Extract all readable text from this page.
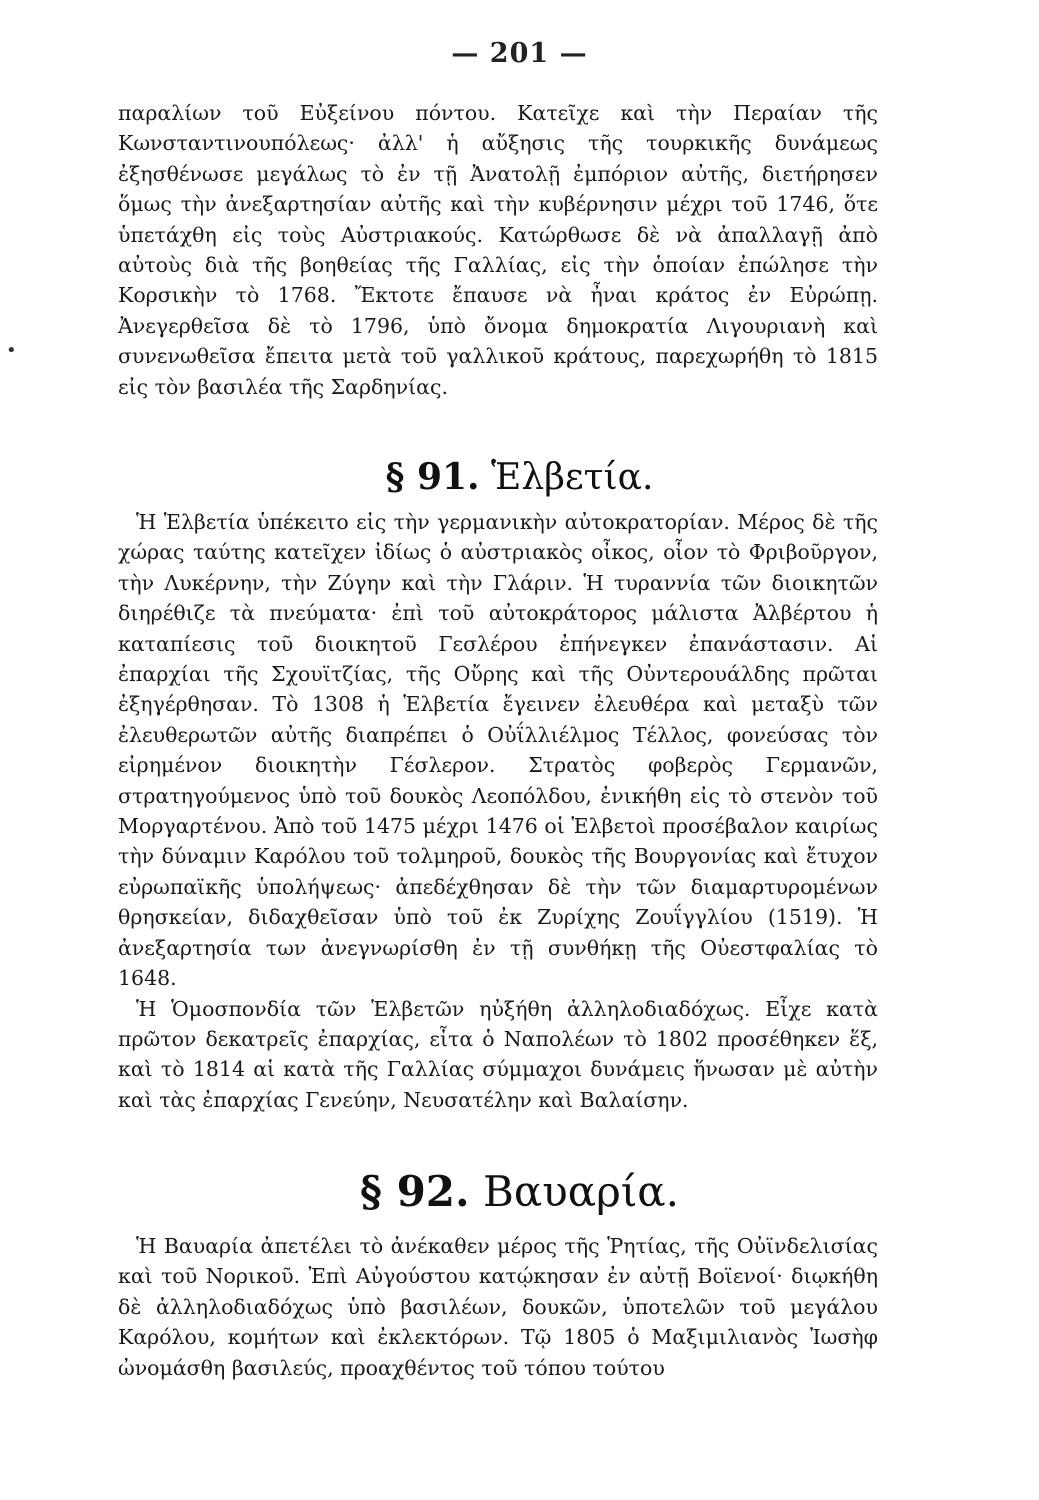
— 201 —
•

παραλίων τοῦ Εὐξείνου πόντου. Κατεῖχε καὶ τὴν Περαίαν τῆς Κωνσταντινουπόλεως· ἀλλ' ἡ αὔξησις τῆς τουρκικῆς δυνάμεως ἐξησθένωσε μεγάλως τὸ ἐν τῇ Ἀνατολῇ ἐμπόριον αὐτῆς, διετήρησεν ὅμως τὴν ἀνεξαρτησίαν αὐτῆς καὶ τὴν κυβέρνησιν μέχρι τοῦ 1746, ὅτε ὑπετάχθη εἰς τοὺς Αὐστριακούς. Κατώρθωσε δὲ νὰ ἀπαλλαγῇ ἀπὸ αὐτοὺς διὰ τῆς βοηθείας τῆς Γαλλίας, εἰς τὴν ὁποίαν ἐπώλησε τὴν Κορσικὴν τὸ 1768. Ἔκτοτε ἔπαυσε νὰ ἦναι κράτος ἐν Εὐρώπῃ. Ἀνεγερθεῖσα δὲ τὸ 1796, ὑπὸ ὄνομα δημοκρατία Λιγουριανὴ καὶ συνενωθεῖσα ἔπειτα μετὰ τοῦ γαλλικοῦ κράτους, παρεχωρήθη τὸ 1815 εἰς τὸν βασιλέα τῆς Σαρδηνίας.

§ 91. Ἑλβετία.

Ἡ Ἑλβετία ὑπέκειτο εἰς τὴν γερμανικὴν αὐτοκρατορίαν. Μέρος δὲ τῆς χώρας ταύτης κατεῖχεν ἰδίως ὁ αὐστριακὸς οἶκος, οἷον τὸ Φριβοῦργον, τὴν Λυκέρνην, τὴν Ζύγην καὶ τὴν Γλάριν. Ἡ τυραννία τῶν διοικητῶν διηρέθιζε τὰ πνεύματα· ἐπὶ τοῦ αὐτοκράτορος μάλιστα Ἀλβέρτου ἡ καταπίεσις τοῦ διοικητοῦ Γεσλέρου ἐπήνεγκεν ἐπανάστασιν. Αἱ ἐπαρχίαι τῆς Σχουϊτζίας, τῆς Οὔρης καὶ τῆς Οὐντερουάλδης πρῶται ἐξηγέρθησαν. Τὸ 1308 ἡ Ἑλβετία ἔγεινεν ἐλευθέρα καὶ μεταξὺ τῶν ἐλευθερωτῶν αὐτῆς διαπρέπει ὁ Οὐΐλλιέλμος Τέλλος, φονεύσας τὸν εἰρημένον διοικητὴν Γέσλερον. Στρατὸς φοβερὸς Γερμανῶν, στρατηγούμενος ὑπὸ τοῦ δουκὸς Λεοπόλδου, ἐνικήθη εἰς τὸ στενὸν τοῦ Μοργαρτένου. Ἀπὸ τοῦ 1475 μέχρι 1476 οἱ Ἑλβετοὶ προσέβαλον καιρίως τὴν δύναμιν Καρόλου τοῦ τολμηροῦ, δουκὸς τῆς Βουργονίας καὶ ἔτυχον εὐρωπαϊκῆς ὑπολήψεως· ἀπεδέχθησαν δὲ τὴν τῶν διαμαρτυρομένων θρησκείαν, διδαχθεῖσαν ὑπὸ τοῦ ἐκ Ζυρίχης Ζουΐγγλίου (1519). Ἡ ἀνεξαρτησία των ἀνεγνωρίσθη ἐν τῇ συνθήκῃ τῆς Οὐεστφαλίας τὸ 1648.

Ἡ Ὁμοσπονδία τῶν Ἑλβετῶν ηὐξήθη ἀλληλοδιαδόχως. Εἶχε κατὰ πρῶτον δεκατρεῖς ἐπαρχίας, εἶτα ὁ Ναπολέων τὸ 1802 προσέθηκεν ἕξ, καὶ τὸ 1814 αἱ κατὰ τῆς Γαλλίας σύμμαχοι δυνάμεις ἥνωσαν μὲ αὐτὴν καὶ τὰς ἐπαρχίας Γενεύην, Νευσατέλην καὶ Βαλαίσην.

§ 92. Βαυαρία.

Ἡ Βαυαρία ἀπετέλει τὸ ἀνέκαθεν μέρος τῆς Ῥητίας, τῆς Οὐϊνδελισίας καὶ τοῦ Νορικοῦ. Ἐπὶ Αὐγούστου κατῴκησαν ἐν αὐτῇ Βοϊενοί· διῳκήθη δὲ ἀλληλοδιαδόχως ὑπὸ βασιλέων, δουκῶν, ὑποτελῶν τοῦ μεγάλου Καρόλου, κομήτων καὶ ἐκλεκτόρων. Τῷ 1805 ὁ Μαξιμιλιανὸς Ἰωσὴφ ὠνομάσθη βασιλεύς, προαχθέντος τοῦ τόπου τούτου
